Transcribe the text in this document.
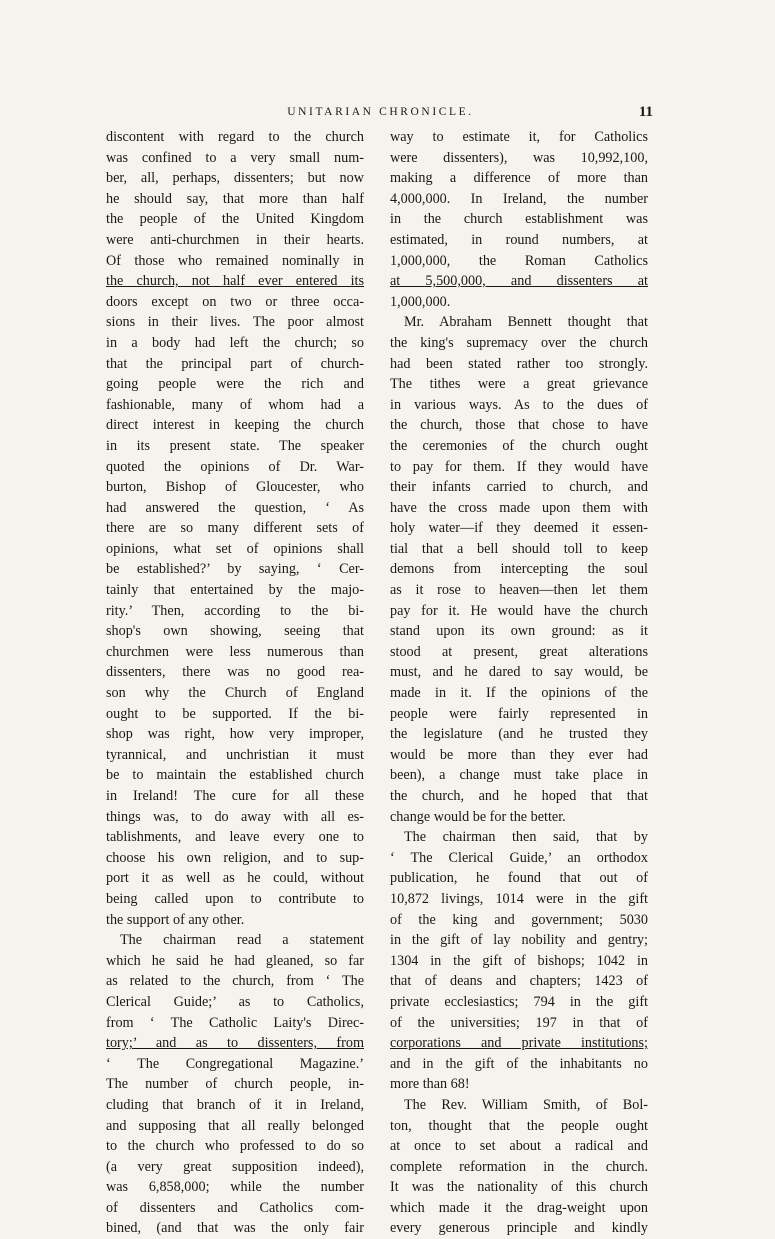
UNITARIAN CHRONICLE.	11
discontent with regard to the church
was confined to a very small num-
ber, all, perhaps, dissenters; but now
he should say, that more than half
the people of the United Kingdom
were anti-churchmen in their hearts.
Of those who remained nominally in
the church, not half ever entered its
doors except on two or three occa-
sions in their lives. The poor almost
in a body had left the church; so
that the principal part of church-
going people were the rich and
fashionable, many of whom had a
direct interest in keeping the church
in its present state. The speaker
quoted the opinions of Dr. War-
burton, Bishop of Gloucester, who
had answered the question, ‘ As
there are so many different sets of
opinions, what set of opinions shall
be established?’ by saying, ‘ Cer-
tainly that entertained by the majo-
rity.’ Then, according to the bi-
shop's own showing, seeing that
churchmen were less numerous than
dissenters, there was no good rea-
son why the Church of England
ought to be supported. If the bi-
shop was right, how very improper,
tyrannical, and unchristian it must
be to maintain the established church
in Ireland! The cure for all these
things was, to do away with all es-
tablishments, and leave every one to
choose his own religion, and to sup-
port it as well as he could, without
being called upon to contribute to
the support of any other.
The chairman read a statement
which he said he had gleaned, so far
as related to the church, from ‘ The
Clerical Guide;’ as to Catholics,
from ‘ The Catholic Laity's Direc-
tory;’ and as to dissenters, from
‘ The Congregational Magazine.’
The number of church people, in-
cluding that branch of it in Ireland,
and supposing that all really belonged
to the church who professed to do so
(a very great supposition indeed),
was 6,858,000; while the number
of dissenters and Catholics com-
bined, (and that was the only fair
way to estimate it, for Catholics
were dissenters), was 10,992,100,
making a difference of more than
4,000,000. In Ireland, the number
in the church establishment was
estimated, in round numbers, at
1,000,000, the Roman Catholics
at 5,500,000, and dissenters at
1,000,000.
Mr. Abraham Bennett thought that
the king's supremacy over the church
had been stated rather too strongly.
The tithes were a great grievance
in various ways. As to the dues of
the church, those that chose to have
the ceremonies of the church ought
to pay for them. If they would have
their infants carried to church, and
have the cross made upon them with
holy water—if they deemed it essen-
tial that a bell should toll to keep
demons from intercepting the soul
as it rose to heaven—then let them
pay for it. He would have the church
stand upon its own ground: as it
stood at present, great alterations
must, and he dared to say would, be
made in it. If the opinions of the
people were fairly represented in
the legislature (and he trusted they
would be more than they ever had
been), a change must take place in
the church, and he hoped that that
change would be for the better.
The chairman then said, that by
‘ The Clerical Guide,’ an orthodox
publication, he found that out of
10,872 livings, 1014 were in the gift
of the king and government; 5030
in the gift of lay nobility and gentry;
1304 in the gift of bishops; 1042 in
that of deans and chapters; 1423 of
private ecclesiastics; 794 in the gift
of the universities; 197 in that of
corporations and private institutions;
and in the gift of the inhabitants no
more than 68!
The Rev. William Smith, of Bol-
ton, thought that the people ought
at once to set about a radical and
complete reformation in the church.
It was the nationality of this church
which made it the drag-weight upon
every generous principle and kindly
